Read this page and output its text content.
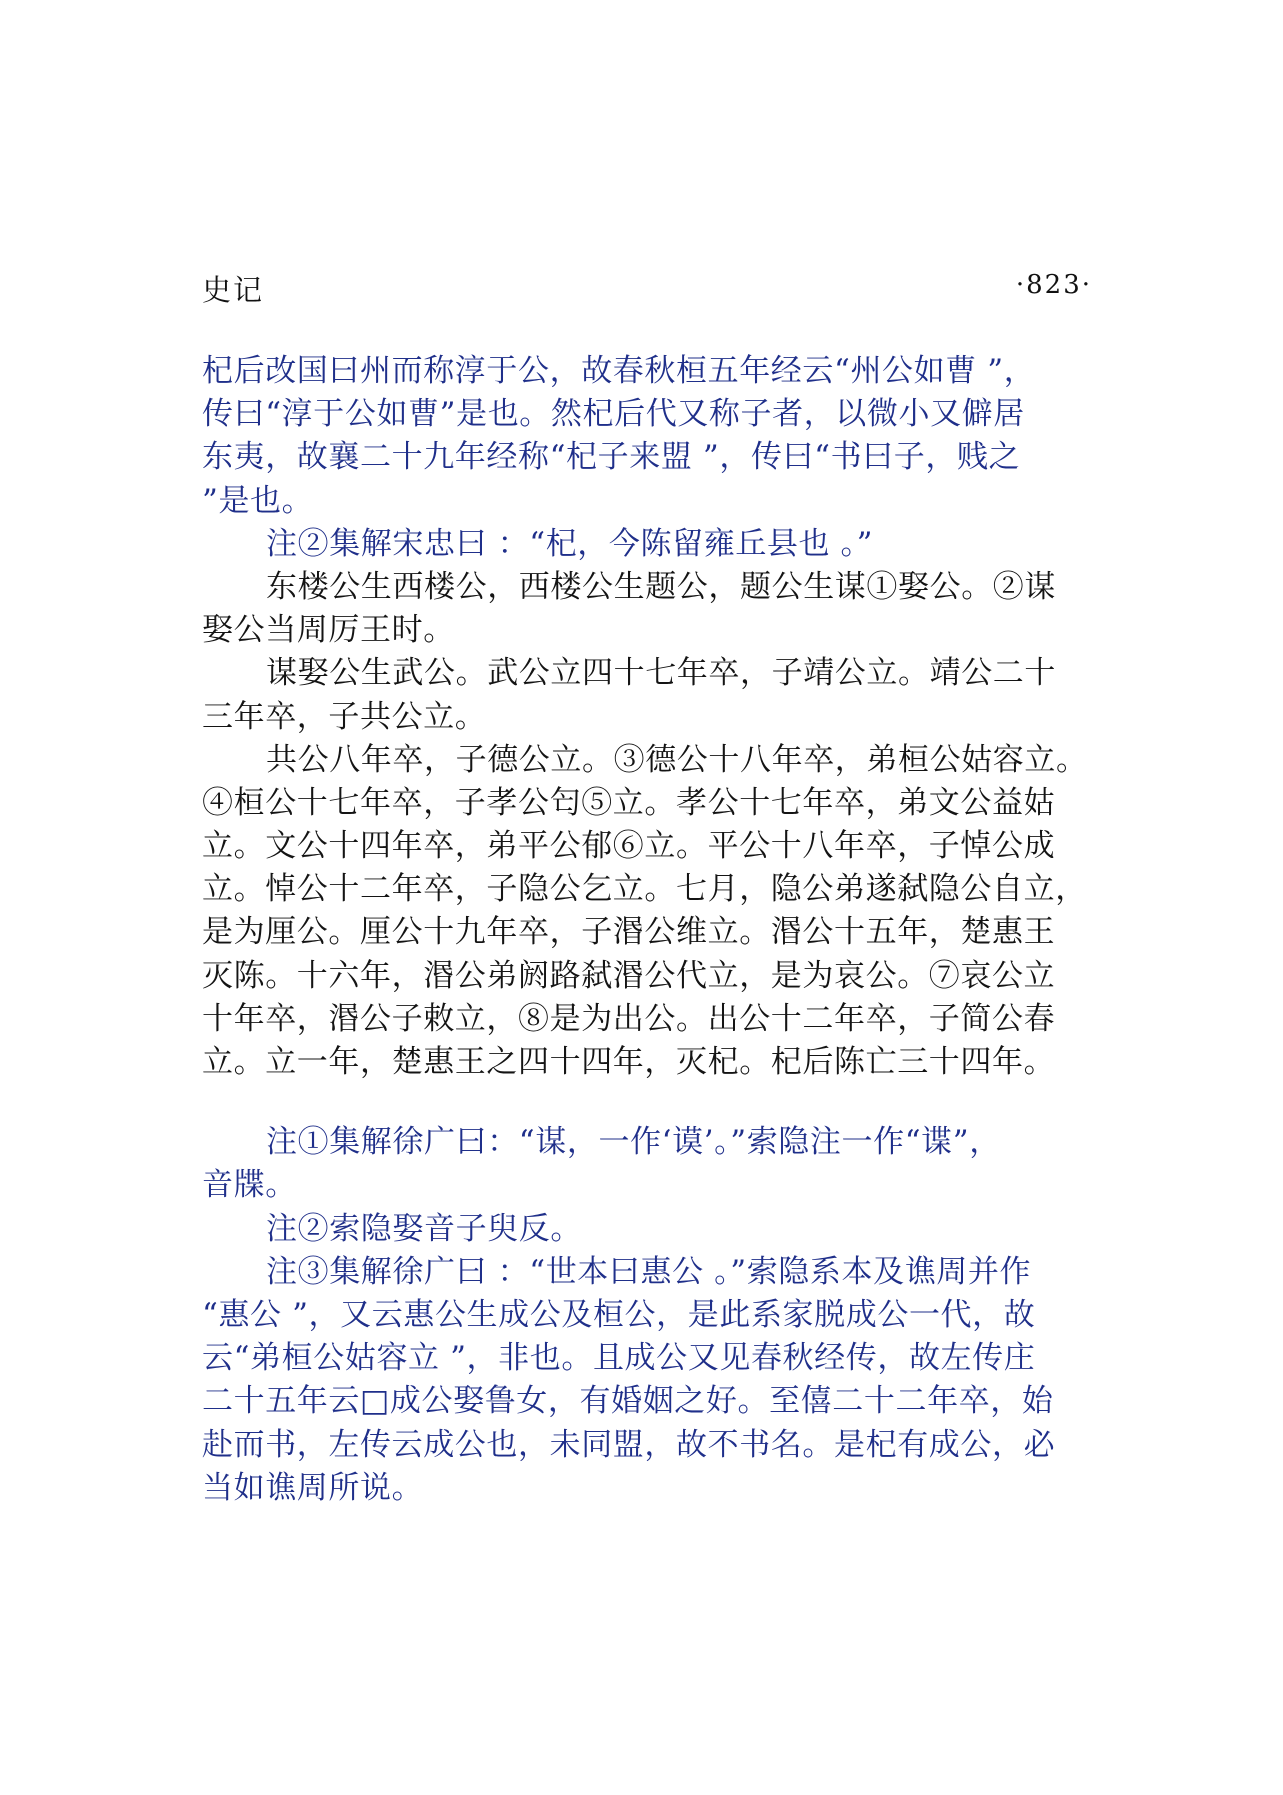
史记	·823·
杞后改国曰州而称淳于公，故春秋桓五年经云“州公如曹 ”，
传曰“淳于公如曹”是也。然杞后代又称子者，以微小又僻居
东夷，故襄二十九年经称“杞子来盟 ”，传曰“书曰子，贱之
”是也。
注②集解宋忠曰 ：“杞，今陈留雍丘县也 。”
东楼公生西楼公，西楼公生题公，题公生谋①娶公。②谋
娶公当周厉王时。
谋娶公生武公。武公立四十七年卒，子靖公立。靖公二十
三年卒，子共公立。
共公八年卒，子德公立。③德公十八年卒，弟桓公姑容立。
④桓公十七年卒，子孝公匄⑤立。孝公十七年卒，弟文公益姑
立。文公十四年卒，弟平公郁⑥立。平公十八年卒，子悼公成
立。悼公十二年卒，子隐公乞立。七月，隐公弟遂弑隐公自立，
是为厘公。厘公十九年卒，子湣公维立。湣公十五年，楚惠王
灭陈。十六年，湣公弟阏路弑湣公代立，是为哀公。⑦哀公立
十年卒，湣公子敕立，⑧是为出公。出公十二年卒，子简公春
立。立一年，楚惠王之四十四年，灭杞。杞后陈亡三十四年。
注①集解徐广曰：“谋，一作‘谟’。”索隐注一作“谍”，
音牒。
注②索隐娶音子臾反。
注③集解徐广曰 ：“世本曰惠公 。”索隐系本及谯周并作
“惠公 ”，又云惠公生成公及桓公，是此系家脱成公一代，故
云“弟桓公姑容立 ”，非也。且成公又见春秋经传，故左传庄
二十五年云□成公娶鲁女，有婚姻之好。至僖二十二年卒，始
赴而书，左传云成公也，未同盟，故不书名。是杞有成公，必
当如谯周所说。
